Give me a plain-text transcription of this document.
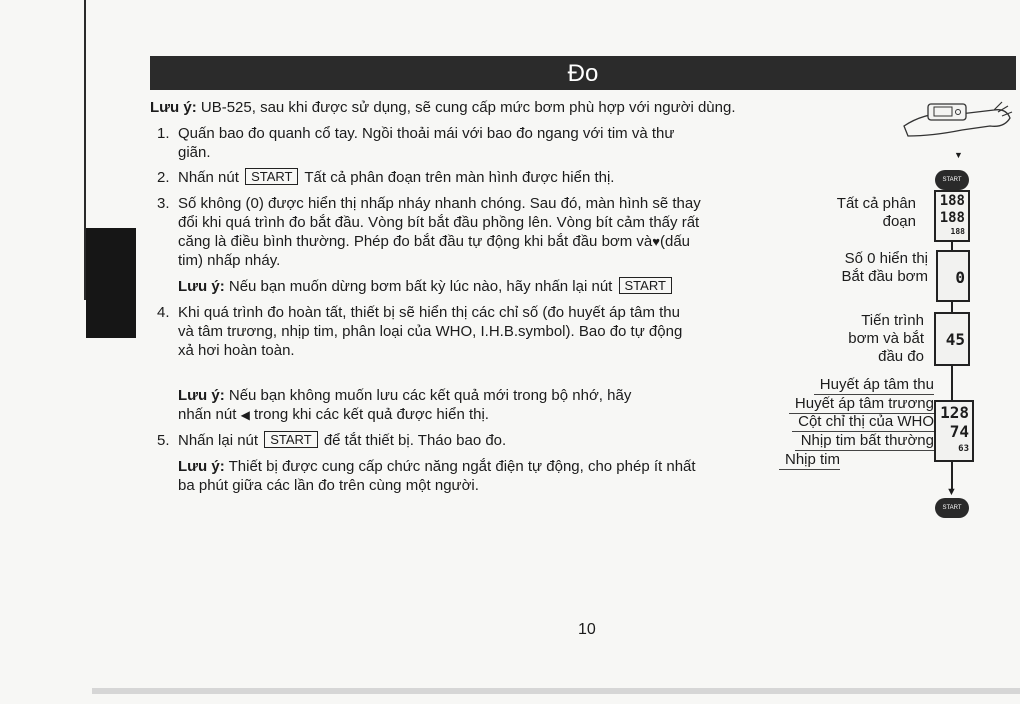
Đo
Lưu ý: UB-525, sau khi được sử dụng, sẽ cung cấp mức bơm phù hợp với người dùng.
1. Quấn bao đo quanh cổ tay. Ngồi thoải mái với bao đo ngang với tim và thư
giãn.
2. Nhấn nút START Tất cả phân đoạn trên màn hình được hiển thị.
3. Số không (0) được hiển thị nhấp nháy nhanh chóng. Sau đó, màn hình sẽ thay
đổi khi quá trình đo bắt đầu. Vòng bít bắt đầu phồng lên. Vòng bít cảm thấy rất
căng là điều bình thường. Phép đo bắt đầu tự động khi bắt đầu bơm và♥(dấu
tim) nhấp nháy.
Lưu ý: Nếu bạn muốn dừng bơm bất kỳ lúc nào, hãy nhấn lại nút START
4. Khi quá trình đo hoàn tất, thiết bị sẽ hiển thị các chỉ số (đo huyết áp tâm thu
và tâm trương, nhịp tim, phân loại của WHO, I.H.B.symbol). Bao đo tự động
xả hơi hoàn toàn.
Lưu ý: Nếu bạn không muốn lưu các kết quả mới trong bộ nhớ, hãy
nhấn nút ◀ trong khi các kết quả được hiển thị.
5. Nhấn lại nút START để tắt thiết bị. Tháo bao đo.
Lưu ý: Thiết bị được cung cấp chức năng ngắt điện tự động, cho phép ít nhất
ba phút giữa các lần đo trên cùng một người.
10
▼
START
Tất cả phân
đoạn
188
188
188
Số 0 hiển thị
Bắt đầu bơm 0
Tiến trình
bơm và bắt
đầu đo
45
Huyết áp tâm thu
Huyết áp tâm trương
Cột chỉ thị của WHO
Nhịp tim bất thường
Nhịp tim
128
74
63
▼
START
